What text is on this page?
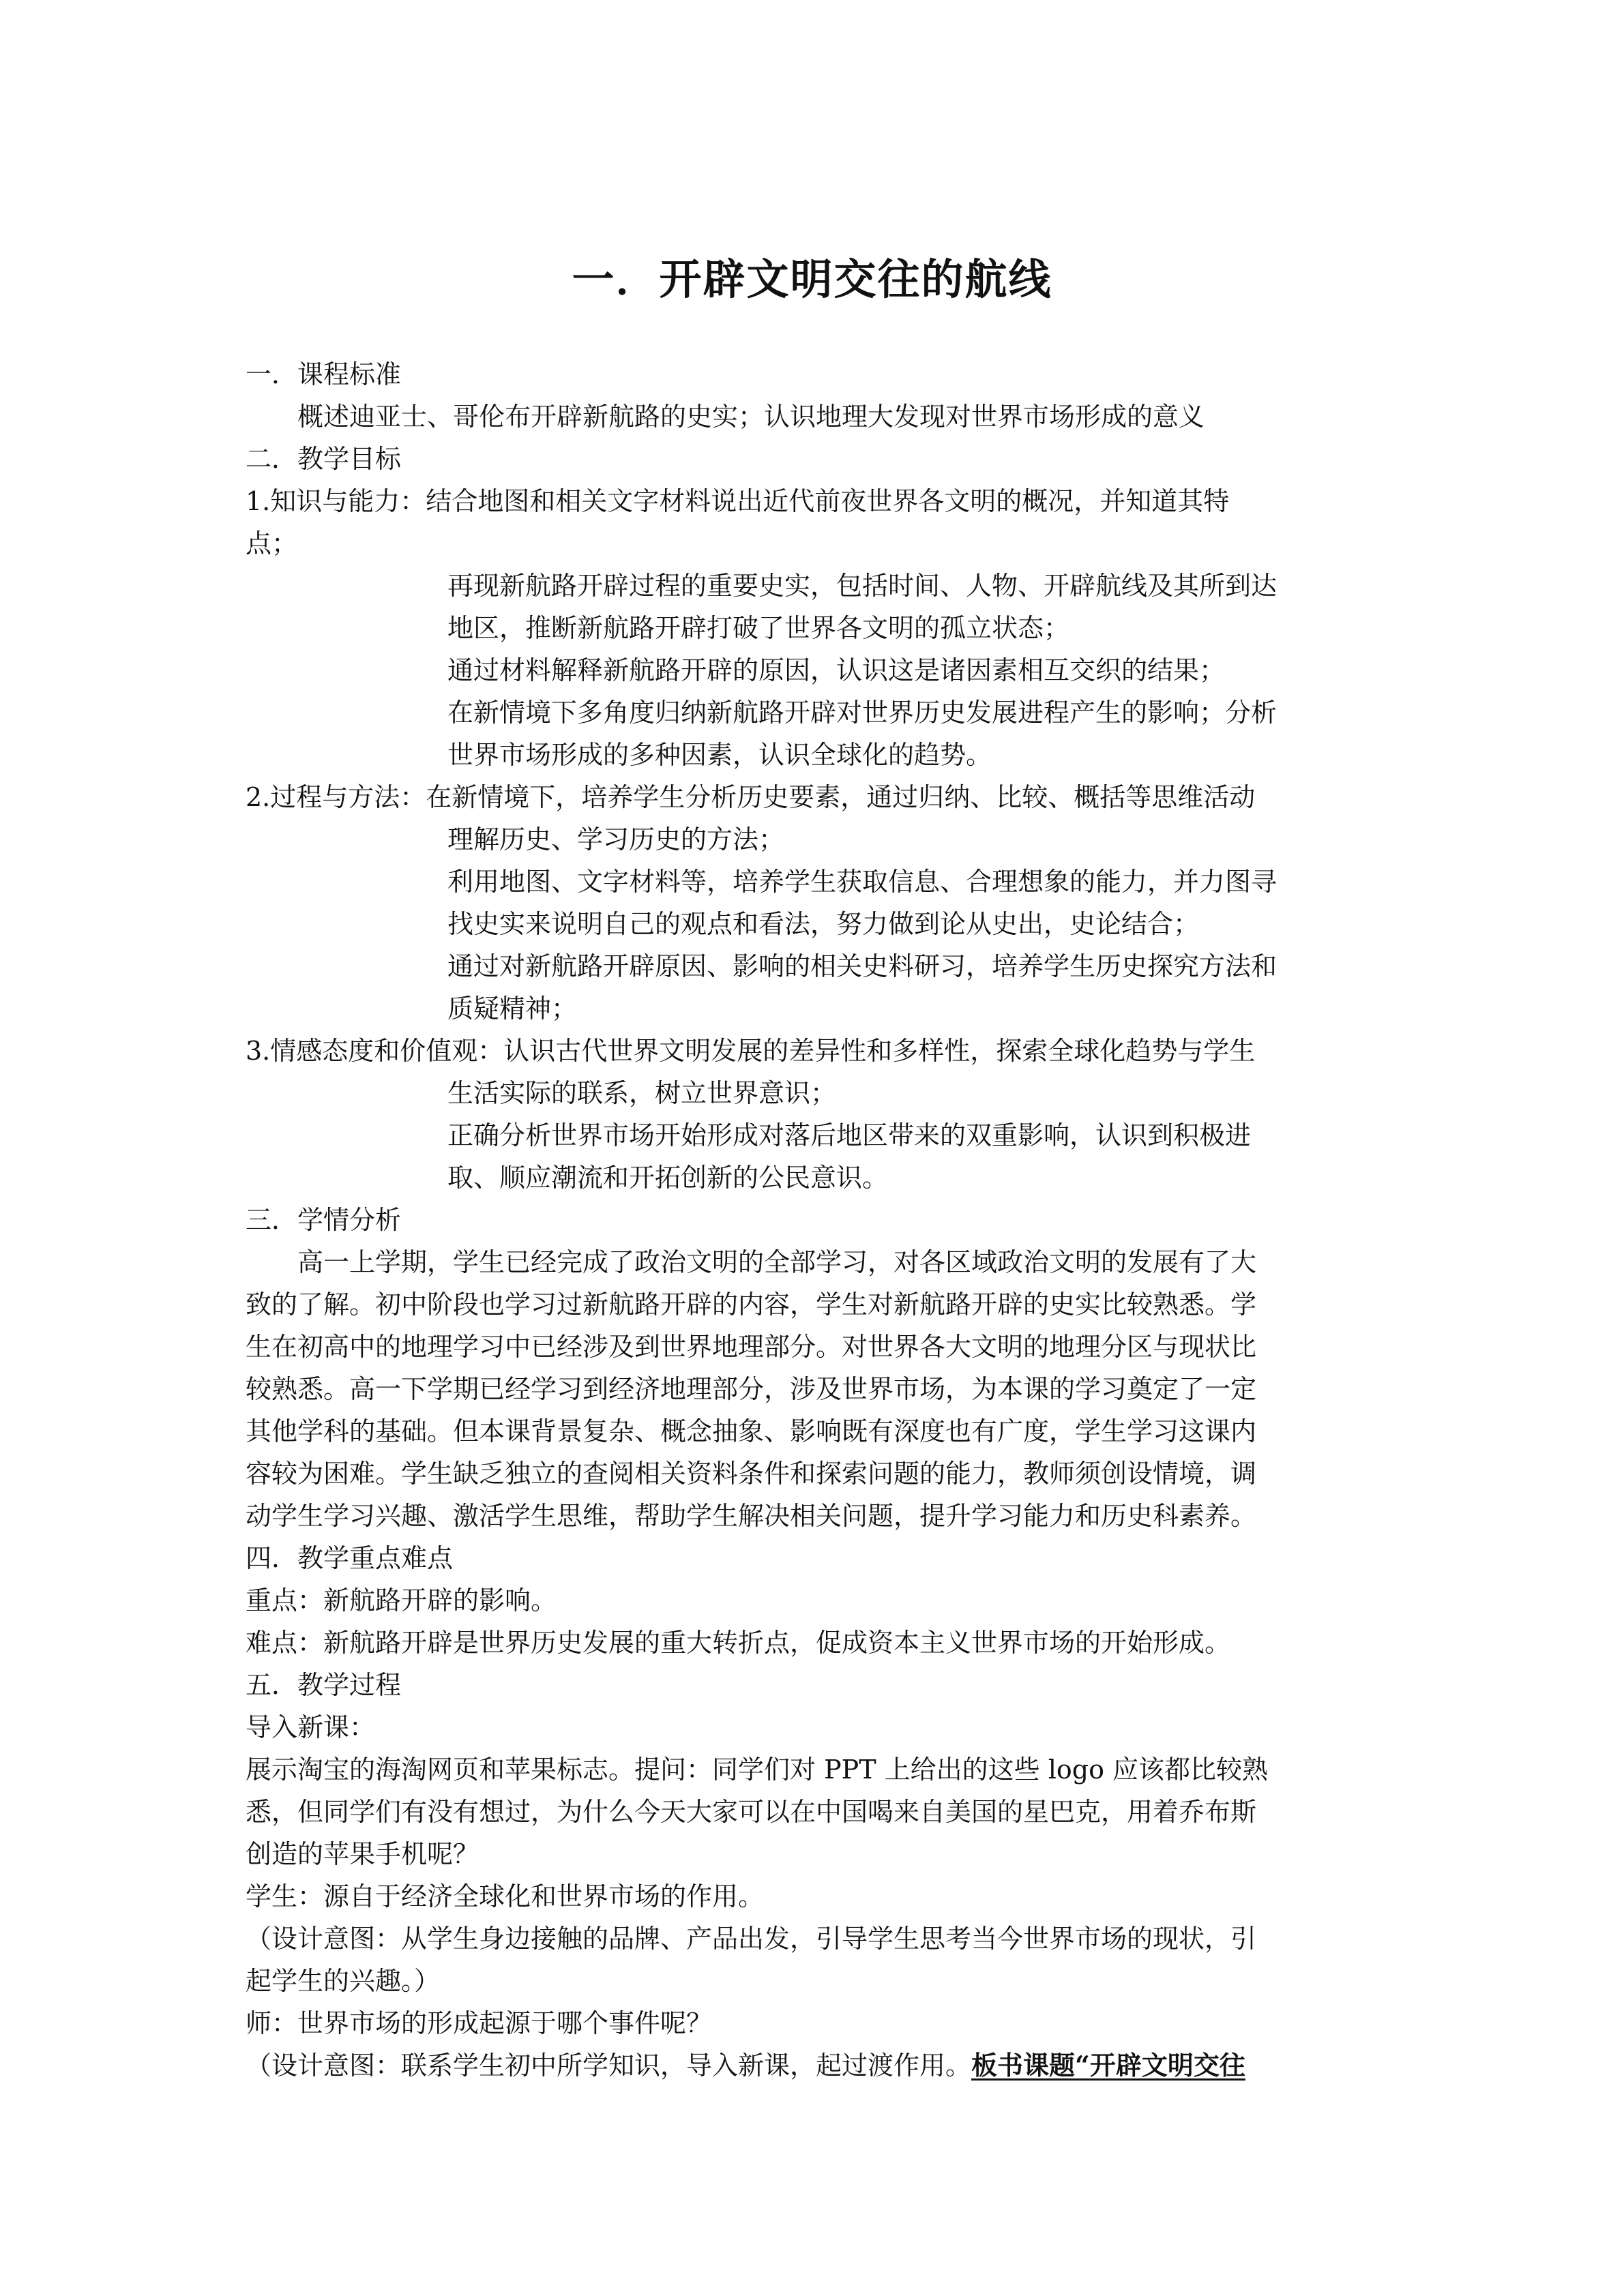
一．开辟文明交往的航线

一．课程标准

概述迪亚士、哥伦布开辟新航路的史实；认识地理大发现对世界市场形成的意义

二．教学目标

1.知识与能力：结合地图和相关文字材料说出近代前夜世界各文明的概况，并知道其特

点；

再现新航路开辟过程的重要史实，包括时间、人物、开辟航线及其所到达

地区，推断新航路开辟打破了世界各文明的孤立状态；

通过材料解释新航路开辟的原因，认识这是诸因素相互交织的结果；

在新情境下多角度归纳新航路开辟对世界历史发展进程产生的影响；分析

世界市场形成的多种因素，认识全球化的趋势。

2.过程与方法：在新情境下，培养学生分析历史要素，通过归纳、比较、概括等思维活动

理解历史、学习历史的方法；

利用地图、文字材料等，培养学生获取信息、合理想象的能力，并力图寻

找史实来说明自己的观点和看法，努力做到论从史出，史论结合；

通过对新航路开辟原因、影响的相关史料研习，培养学生历史探究方法和

质疑精神；

3.情感态度和价值观：认识古代世界文明发展的差异性和多样性，探索全球化趋势与学生

生活实际的联系，树立世界意识；

正确分析世界市场开始形成对落后地区带来的双重影响，认识到积极进

取、顺应潮流和开拓创新的公民意识。

三．学情分析

高一上学期，学生已经完成了政治文明的全部学习，对各区域政治文明的发展有了大

致的了解。初中阶段也学习过新航路开辟的内容，学生对新航路开辟的史实比较熟悉。学

生在初高中的地理学习中已经涉及到世界地理部分。对世界各大文明的地理分区与现状比

较熟悉。高一下学期已经学习到经济地理部分，涉及世界市场，为本课的学习奠定了一定

其他学科的基础。但本课背景复杂、概念抽象、影响既有深度也有广度，学生学习这课内

容较为困难。学生缺乏独立的查阅相关资料条件和探索问题的能力，教师须创设情境，调

动学生学习兴趣、激活学生思维，帮助学生解决相关问题，提升学习能力和历史科素养。

四．教学重点难点

重点：新航路开辟的影响。

难点：新航路开辟是世界历史发展的重大转折点，促成资本主义世界市场的开始形成。

五．教学过程

导入新课：

展示淘宝的海淘网页和苹果标志。提问：同学们对 PPT 上给出的这些 logo 应该都比较熟

悉，但同学们有没有想过，为什么今天大家可以在中国喝来自美国的星巴克，用着乔布斯

创造的苹果手机呢？

学生：源自于经济全球化和世界市场的作用。

（设计意图：从学生身边接触的品牌、产品出发，引导学生思考当今世界市场的现状，引

起学生的兴趣。）

师：世界市场的形成起源于哪个事件呢？

（设计意图：联系学生初中所学知识，导入新课，起过渡作用。板书课题“开辟文明交往
